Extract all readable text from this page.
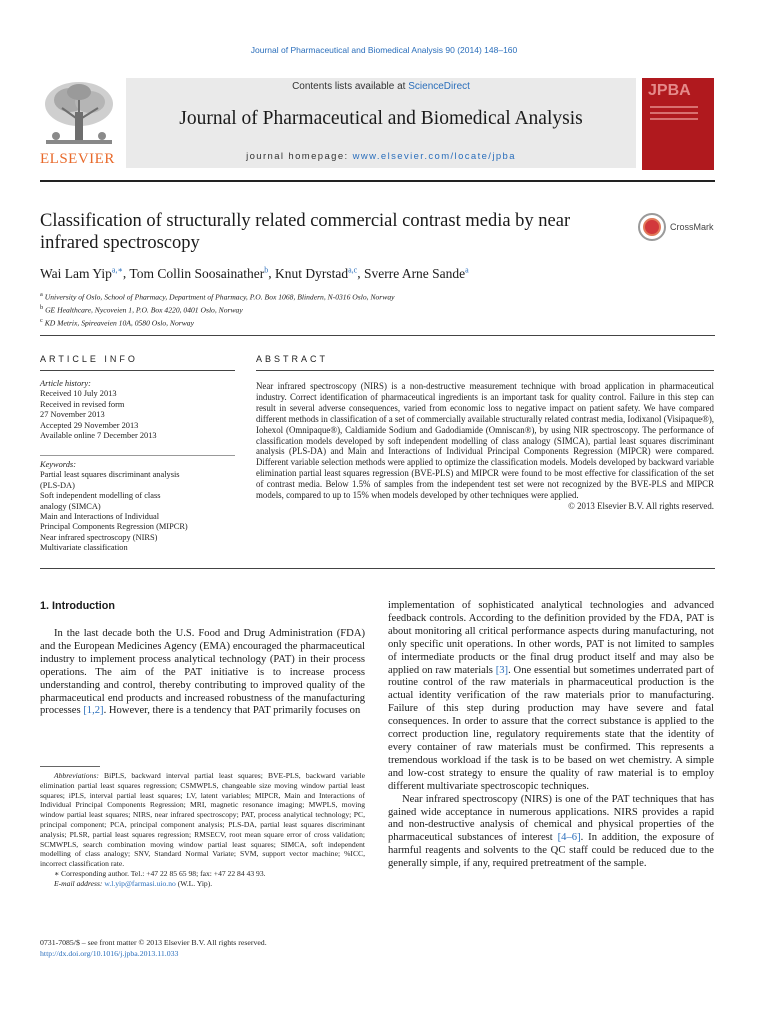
Journal of Pharmaceutical and Biomedical Analysis 90 (2014) 148–160
ELSEVIER
Contents lists available at ScienceDirect
Journal of Pharmaceutical and Biomedical Analysis
journal homepage: www.elsevier.com/locate/jpba
JPBA
Classification of structurally related commercial contrast media by near infrared spectroscopy
CrossMark
Wai Lam Yip$^{a,∗}$, Tom Collin Soosainather$^b$, Knut Dyrstad$^{a,c}$, Sverre Arne Sande$^a$
$^a$ University of Oslo, School of Pharmacy, Department of Pharmacy, P.O. Box 1068, Blindern, N-0316 Oslo, Norway
$^b$ GE Healthcare, Nycoveien 1, P.O. Box 4220, 0401 Oslo, Norway
$^c$ KD Metrix, Spireaveien 10A, 0580 Oslo, Norway
ARTICLE INFO	ABSTRACT
Article history:
Received 10 July 2013
Received in revised form
27 November 2013
Accepted 29 November 2013
Available online 7 December 2013
Keywords:
Partial least squares discriminant analysis
(PLS-DA)
Soft independent modelling of class
analogy (SIMCA)
Main and Interactions of Individual
Principal Components Regression (MIPCR)
Near infrared spectroscopy (NIRS)
Multivariate classification
Near infrared spectroscopy (NIRS) is a non-destructive measurement technique with broad application in pharmaceutical industry. Correct identification of pharmaceutical ingredients is an important task for quality control. Failure in this step can result in several adverse consequences, varied from economic loss to negative impact on patient safety. We have compared different methods in classification of a set of commercially available structurally related contrast media, Iodixanol (Visipaque®), Iohexol (Omnipaque®), Caldiamide Sodium and Gadodiamide (Omniscan®), by using NIR spectroscopy. The performance of classification models developed by soft independent modelling of class analogy (SIMCA), partial least squares discriminant analysis (PLS-DA) and Main and Interactions of Individual Principal Components Regression (MIPCR) were compared. Different variable selection methods were applied to optimize the classification models. Models developed by backward variable elimination partial least squares regression (BVE-PLS) and MIPCR were found to be most effective for classification of the set of contrast media. Below 1.5% of samples from the independent test set were not recognized by the BVE-PLS and MIPCR models, compared to up to 15% when models developed by other techniques were applied.
© 2013 Elsevier B.V. All rights reserved.
1. Introduction

In the last decade both the U.S. Food and Drug Administration (FDA) and the European Medicines Agency (EMA) encouraged the pharmaceutical industry to implement process analytical technology (PAT) in their process operations. The aim of the PAT initiative is to increase process understanding and control, thereby contributing to improved quality of the pharmaceutical end products and increased robustness of the manufacturing processes [1,2]. However, there is a tendency that PAT primarily focuses on

implementation of sophisticated analytical technologies and advanced feedback controls. According to the definition provided by the FDA, PAT is about monitoring all critical performance aspects during manufacturing, not only specific unit operations. In other words, PAT is not limited to samples of intermediate products or the final drug product itself and may also be applied on raw materials [3]. One essential but sometimes underrated part of routine control of the raw materials in pharmaceutical production is the actual identity verification of the raw materials prior to manufacturing. Failure of this step during production may have severe and fatal consequences. In order to assure that the correct substance is applied to the correct production line, regulatory requirements state that the identity of every container of raw materials must be confirmed. This represents a tremendous workload if the task is to be based on wet chemistry. A simple and low-cost strategy to ensure the quality of raw material is to employ different multivariate spectroscopic techniques.

Near infrared spectroscopy (NIRS) is one of the PAT techniques that has gained wide acceptance in numerous applications. NIRS provides a rapid and non-destructive analysis of chemical and physical properties of the pharmaceutical substances of interest [4–6]. In addition, the exposure of harmful reagents and solvents to the QC staff could be reduced due to the generally simple, if any, required pretreatment of the sample.

Abbreviations: BiPLS, backward interval partial least squares; BVE-PLS, backward variable elimination partial least squares regression; CSMWPLS, changeable size moving window partial least squares; iPLS, interval partial least squares; LV, latent variables; MIPCR, Main and Interactions of Individual Principal Components Regression; MRI, magnetic resonance imaging; MWPLS, moving window partial least squares; NIRS, near infrared spectroscopy; PAT, process analytical technology; PC, principal component; PCA, principal component analysis; PLS-DA, partial least squares discriminant analysis; PLSR, partial least squares regression; RMSECV, root mean square error of cross validation; SCMWPLS, search combination moving window partial least squares; SIMCA, soft independent modelling of class analogy; SNV, Standard Normal Variate; SVM, support vector machine; %ICC, incorrect classification rate.

∗ Corresponding author. Tel.: +47 22 85 65 98; fax: +47 22 84 43 93.

E-mail address: w.l.yip@farmasi.uio.no (W.L. Yip).

0731-7085/$ – see front matter © 2013 Elsevier B.V. All rights reserved.
http://dx.doi.org/10.1016/j.jpba.2013.11.033
